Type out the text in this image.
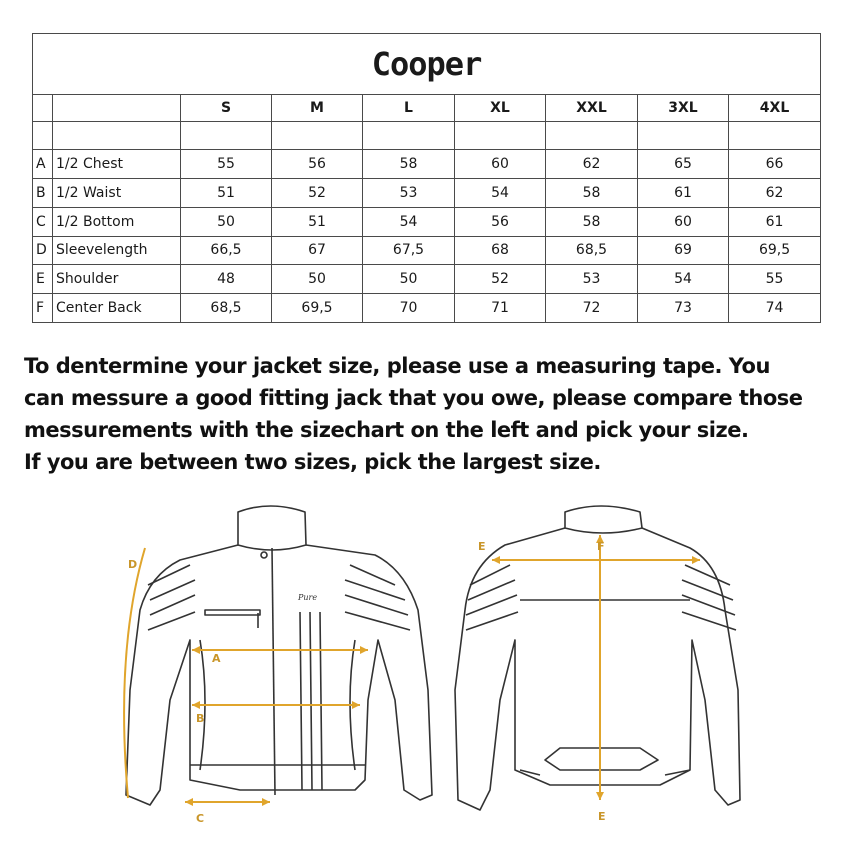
Cooper								
		S	M	L	XL	XXL	3XL	4XL

A	1/2 Chest	55	56	58	60	62	65	66
B	1/2 Waist	51	52	53	54	58	61	62
C	1/2 Bottom	50	51	54	56	58	60	61
D	Sleevelength	66,5	67	67,5	68	68,5	69	69,5
E	Shoulder	48	50	50	52	53	54	55
F	Center Back	68,5	69,5	70	71	72	73	74
To dentermine your jacket size, please use a measuring tape. You
can messure a good fitting jack that you owe, please compare those
messurements with the sizechart on the left and pick your size.
If you are between two sizes, pick the largest size.
Pure
A
B
C
D
E	F
E
